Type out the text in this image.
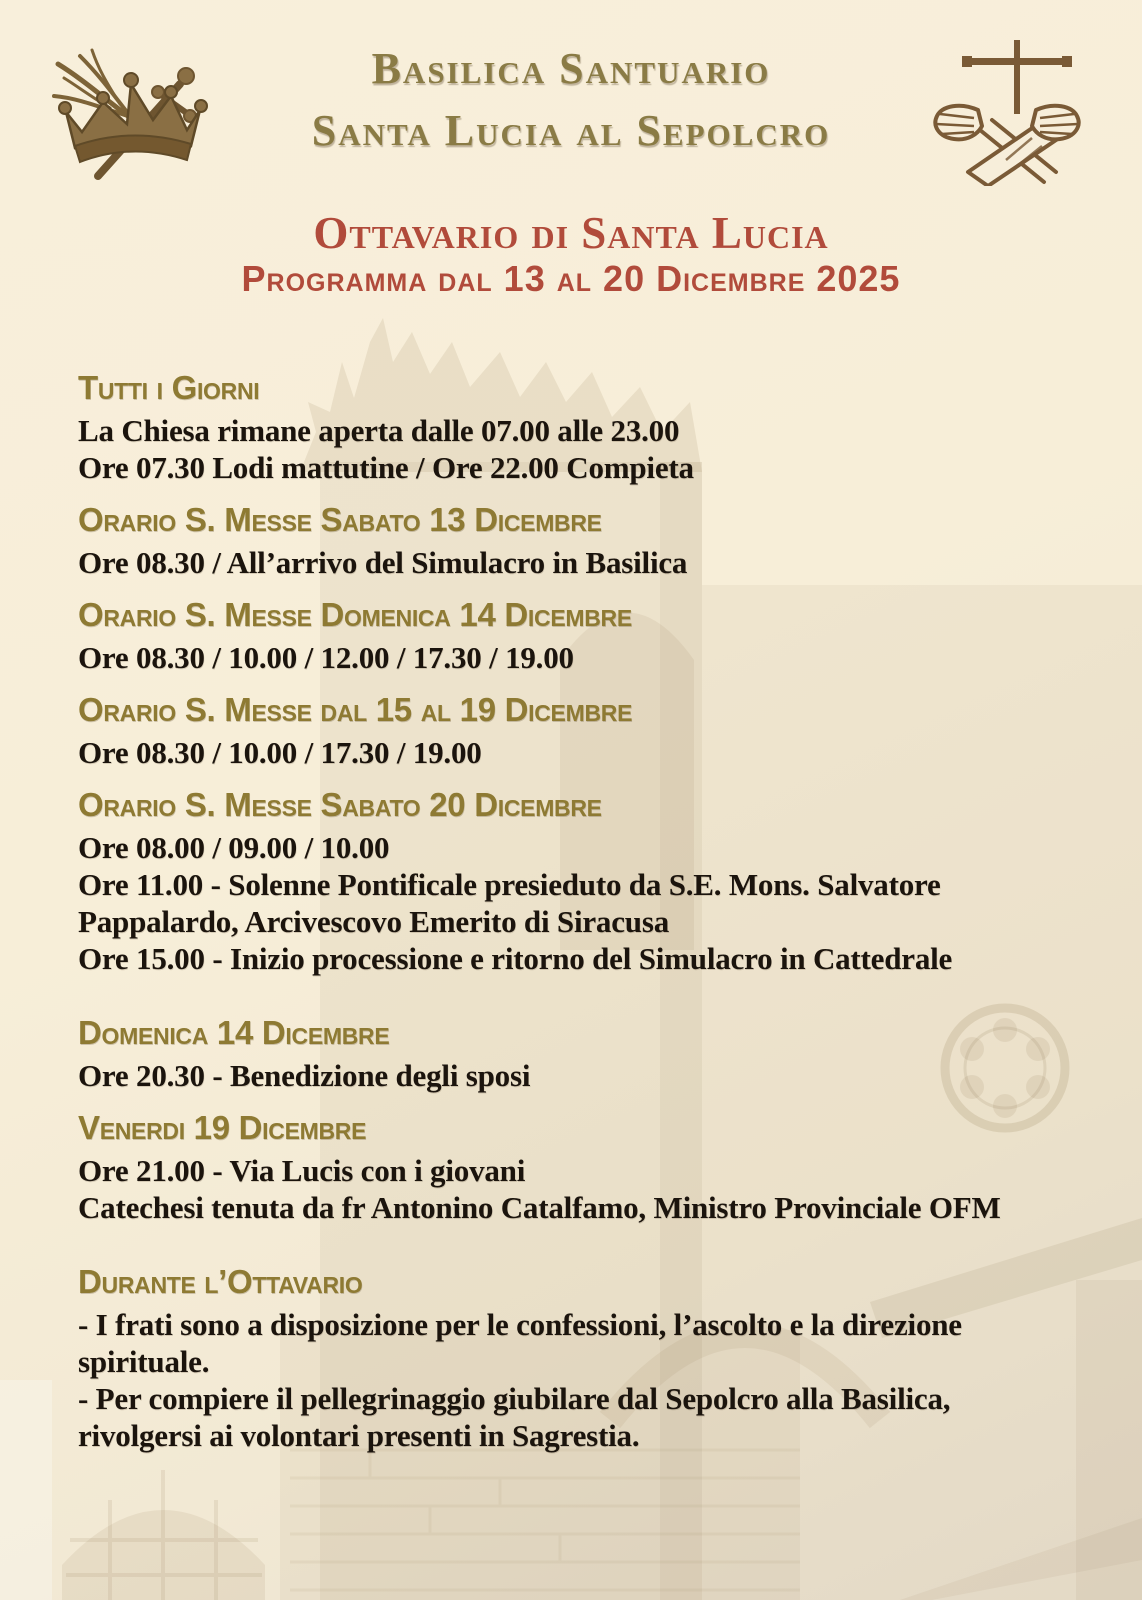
Basilica Santuario
Santa Lucia al Sepolcro
Ottavario di Santa Lucia
Programma dal 13 al 20 Dicembre 2025
Tutti i Giorni

La Chiesa rimane aperta dalle 07.00 alle 23.00

Ore 07.30 Lodi mattutine / Ore 22.00 Compieta

Orario S. Messe Sabato 13 Dicembre

Ore 08.30 / All’arrivo del Simulacro in Basilica

Orario S. Messe Domenica 14 Dicembre

Ore 08.30 / 10.00 / 12.00 / 17.30 / 19.00

Orario S. Messe dal 15 al 19 Dicembre

Ore 08.30 / 10.00 / 17.30 / 19.00

Orario S. Messe Sabato 20 Dicembre

Ore 08.00 / 09.00 / 10.00

Ore 11.00 - Solenne Pontificale presieduto da S.E. Mons. Salvatore

Pappalardo, Arcivescovo Emerito di Siracusa

Ore 15.00 - Inizio processione e ritorno del Simulacro in Cattedrale

Domenica 14 Dicembre

Ore 20.30 - Benedizione degli sposi

Venerdi 19 Dicembre

Ore 21.00 - Via Lucis con i giovani

Catechesi tenuta da fr Antonino Catalfamo, Ministro Provinciale OFM

Durante l’Ottavario

- I frati sono a disposizione per le confessioni, l’ascolto e la direzione

spirituale.

- Per compiere il pellegrinaggio giubilare dal Sepolcro alla Basilica,

rivolgersi ai volontari presenti in Sagrestia.
